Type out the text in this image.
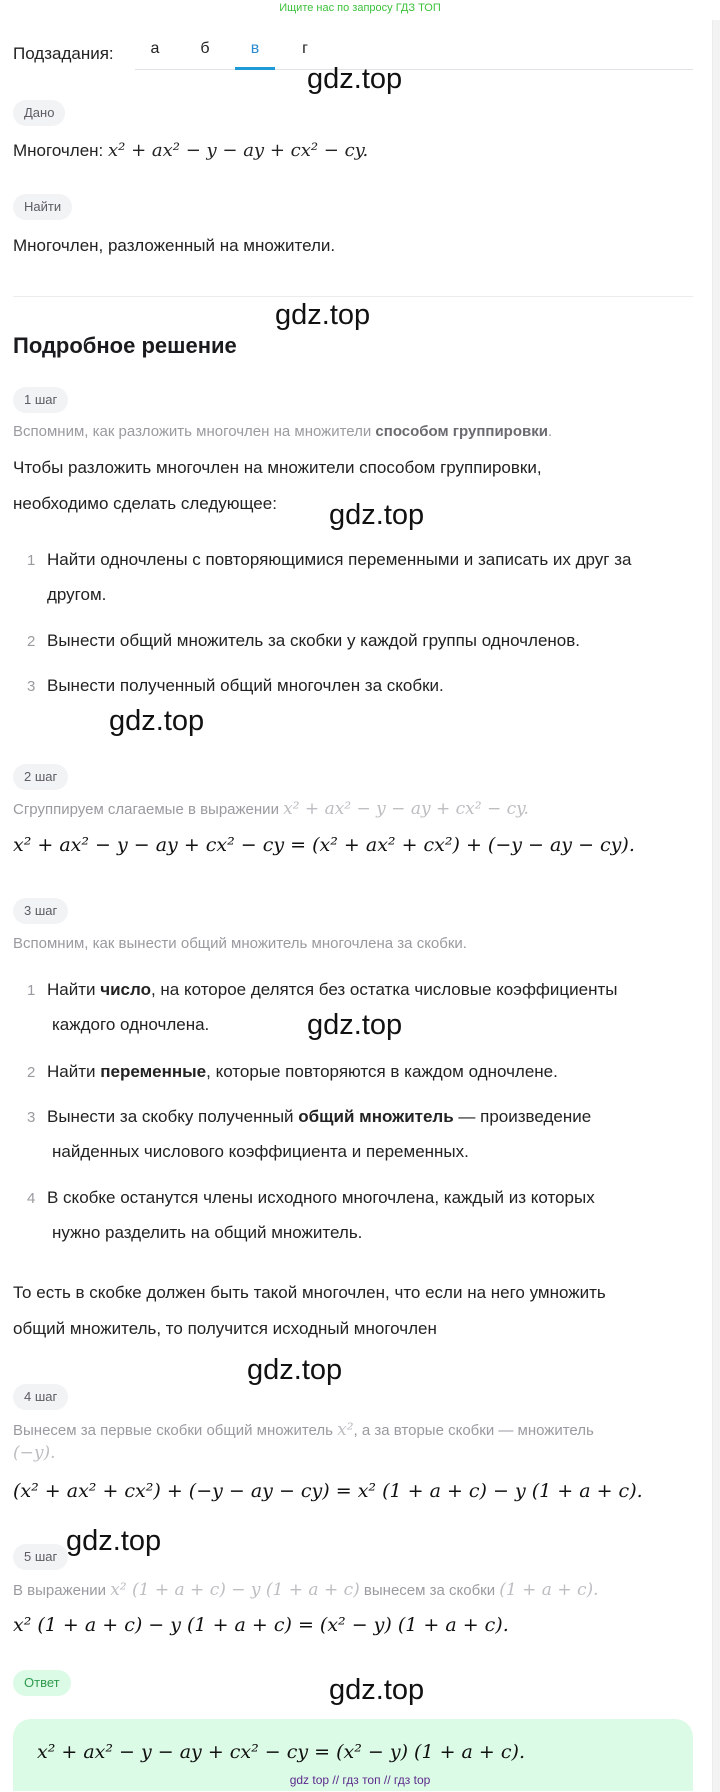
Ищите нас по запросу ГДЗ ТОП
Подзадания:	а	б	в	г
Дано
Многочлен: x² + ax² − y − ay + cx² − cy.
Найти
Многочлен, разложенный на множители.
Подробное решение
1 шаг
Вспомним, как разложить многочлен на множители способом группировки.
Чтобы разложить многочлен на множители способом группировки,
необходимо сделать следующее:
1 Найти одночлены с повторяющимися переменными и записать их друг за
другом.
2 Вынести общий множитель за скобки у каждой группы одночленов.
3 Вынести полученный общий многочлен за скобки.
2 шаг
Сгруппируем слагаемые в выражении x² + ax² − y − ay + cx² − cy.
x² + ax² − y − ay + cx² − cy = (x² + ax² + cx²) + (−y − ay − cy).
3 шаг
Вспомним, как вынести общий множитель многочлена за скобки.
1 Найти число, на которое делятся без остатка числовые коэффициенты
каждого одночлена.
2 Найти переменные, которые повторяются в каждом одночлене.
3 Вынести за скобку полученный общий множитель — произведение
найденных числового коэффициента и переменных.
4 В скобке останутся члены исходного многочлена, каждый из которых
нужно разделить на общий множитель.
То есть в скобке должен быть такой многочлен, что если на него умножить
общий множитель, то получится исходный многочлен
4 шаг
Вынесем за первые скобки общий множитель x², а за вторые скобки — множитель
(−y).
(x² + ax² + cx²) + (−y − ay − cy) = x² (1 + a + c) − y (1 + a + c).
5 шаг
В выражении x² (1 + a + c) − y (1 + a + c) вынесем за скобки (1 + a + c).
x² (1 + a + c) − y (1 + a + c) = (x² − y) (1 + a + c).
Ответ
x² + ax² − y − ay + cx² − cy = (x² − y) (1 + a + c).
gdz.top
gdz.top
gdz.top
gdz.top
gdz.top
gdz.top
gdz.top
gdz.top
gdz top // гдз топ // гдз top
